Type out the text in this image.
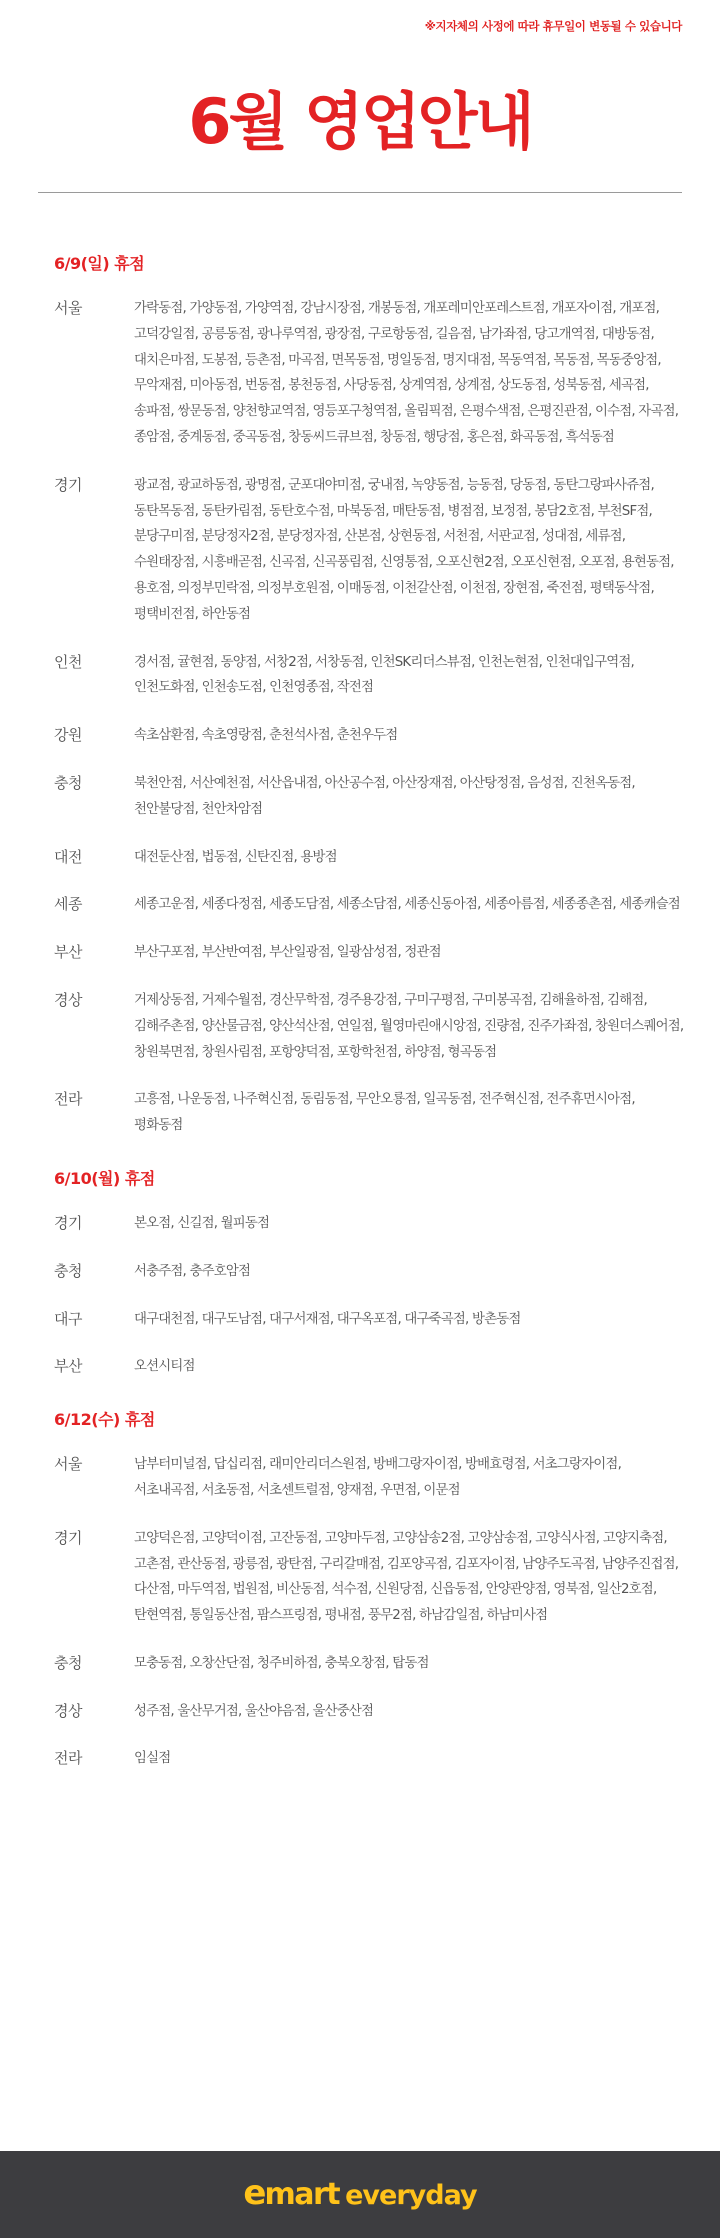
※지자체의 사정에 따라 휴무일이 변동될 수 있습니다
6월 영업안내
6/9(일) 휴점
서울	가락동점, 가양동점, 가양역점, 강남시장점, 개봉동점, 개포레미안포레스트점, 개포자이점, 개포점, 고덕강일점, 공릉동점, 광나루역점, 광장점, 구로항동점, 길음점, 남가좌점, 당고개역점, 대방동점, 대치은마점, 도봉점, 등촌점, 마곡점, 면목동점, 명일동점, 명지대점, 목동역점, 목동점, 목동중앙점, 무악재점, 미아동점, 번동점, 봉천동점, 사당동점, 상계역점, 상계점, 상도동점, 성북동점, 세곡점, 송파점, 쌍문동점, 양천향교역점, 영등포구청역점, 올림픽점, 은평수색점, 은평진관점, 이수점, 자곡점, 종암점, 중계동점, 중곡동점, 창동씨드큐브점, 창동점, 행당점, 홍은점, 화곡동점, 흑석동점
경기	광교점, 광교하동점, 광명점, 군포대야미점, 궁내점, 녹양동점, 능동점, 당동점, 동탄그랑파사쥬점, 동탄목동점, 동탄카림점, 동탄호수점, 마북동점, 매탄동점, 병점점, 보정점, 봉담2호점, 부천SF점, 분당구미점, 분당정자2점, 분당정자점, 산본점, 상현동점, 서천점, 서판교점, 성대점, 세류점, 수원태장점, 시흥배곧점, 신곡점, 신곡풍림점, 신영통점, 오포신현2점, 오포신현점, 오포점, 용현동점, 용호점, 의정부민락점, 의정부호원점, 이매동점, 이천갈산점, 이천점, 장현점, 죽전점, 평택동삭점, 평택비전점, 하안동점
인천	경서점, 귤현점, 동양점, 서창2점, 서창동점, 인천SK리더스뷰점, 인천논현점, 인천대입구역점, 인천도화점, 인천송도점, 인천영종점, 작전점
강원	속초삼환점, 속초영랑점, 춘천석사점, 춘천우두점
충청	북천안점, 서산예천점, 서산읍내점, 아산공수점, 아산장재점, 아산탕정점, 음성점, 진천옥동점, 천안불당점, 천안차암점
대전	대전둔산점, 법동점, 신탄진점, 용방점
세종	세종고운점, 세종다정점, 세종도담점, 세종소담점, 세종신동아점, 세종아름점, 세종종촌점, 세종캐슬점
부산	부산구포점, 부산반여점, 부산일광점, 일광삼성점, 정관점
경상	거제상동점, 거제수월점, 경산무학점, 경주용강점, 구미구평점, 구미봉곡점, 김해율하점, 김해점, 김해주촌점, 양산물금점, 양산석산점, 연일점, 월영마린애시앙점, 진량점, 진주가좌점, 창원더스퀘어점, 창원북면점, 창원사림점, 포항양덕점, 포항학천점, 하양점, 형곡동점
전라	고흥점, 나운동점, 나주혁신점, 동림동점, 무안오룡점, 일곡동점, 전주혁신점, 전주휴먼시아점, 평화동점
6/10(월) 휴점
경기	본오점, 신길점, 월피동점
충청	서충주점, 충주호암점
대구	대구대천점, 대구도남점, 대구서재점, 대구옥포점, 대구죽곡점, 방촌동점
부산	오션시티점
6/12(수) 휴점
서울	남부터미널점, 답십리점, 래미안리더스원점, 방배그랑자이점, 방배효령점, 서초그랑자이점, 서초내곡점, 서초동점, 서초센트럴점, 양재점, 우면점, 이문점
경기	고양덕은점, 고양덕이점, 고잔동점, 고양마두점, 고양삼송2점, 고양삼송점, 고양식사점, 고양지축점, 고촌점, 관산동점, 광릉점, 광탄점, 구리갈매점, 김포양곡점, 김포자이점, 남양주도곡점, 남양주진접점, 다산점, 마두역점, 법원점, 비산동점, 석수점, 신원당점, 신읍동점, 안양관양점, 영북점, 일산2호점, 탄현역점, 통일동산점, 팜스프링점, 평내점, 풍무2점, 하남감일점, 하남미사점
충청	모충동점, 오창산단점, 청주비하점, 충북오창점, 탑동점
경상	성주점, 울산무거점, 울산야음점, 울산중산점
전라	임실점
emart everyday
